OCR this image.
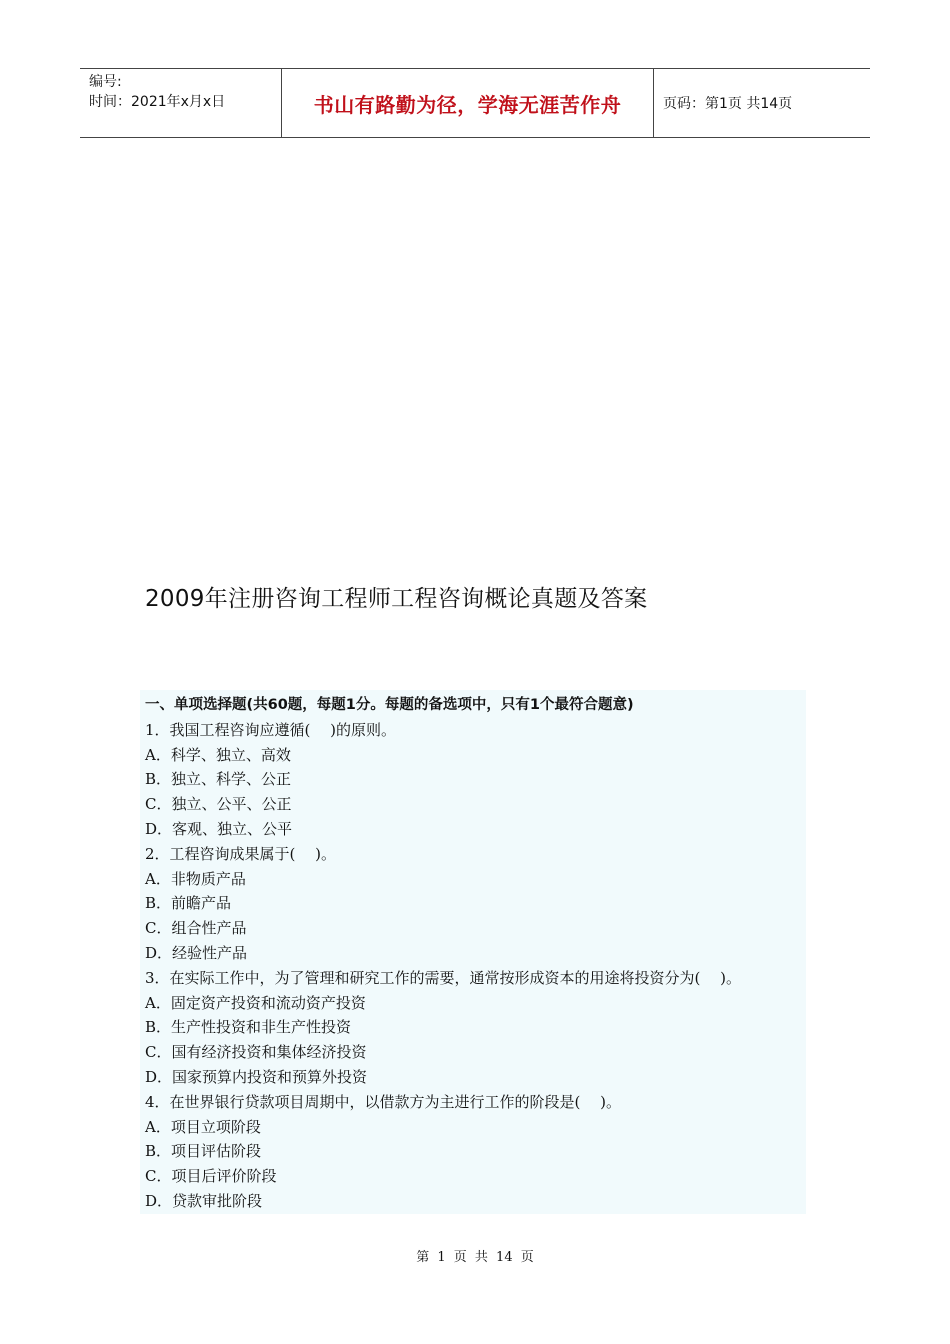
编号:
时间：2021年x月x日	书山有路勤为径，学海无涯苦作舟	页码：第1页 共14页
2009年注册咨询工程师工程咨询概论真题及答案
一、单项选择题(共60题，每题1分。每题的备选项中，只有1个最符合题意)
1．我国工程咨询应遵循(　 )的原则。
A．科学、独立、高效
B．独立、科学、公正
C．独立、公平、公正
D．客观、独立、公平
2．工程咨询成果属于(　 )。
A．非物质产品
B．前瞻产品
C．组合性产品
D．经验性产品
3．在实际工作中，为了管理和研究工作的需要，通常按形成资本的用途将投资分为(　 )。
A．固定资产投资和流动资产投资
B．生产性投资和非生产性投资
C．国有经济投资和集体经济投资
D．国家预算内投资和预算外投资
4．在世界银行贷款项目周期中，以借款方为主进行工作的阶段是(　 )。
A．项目立项阶段
B．项目评估阶段
C．项目后评价阶段
D．贷款审批阶段
第 1 页 共 14 页
